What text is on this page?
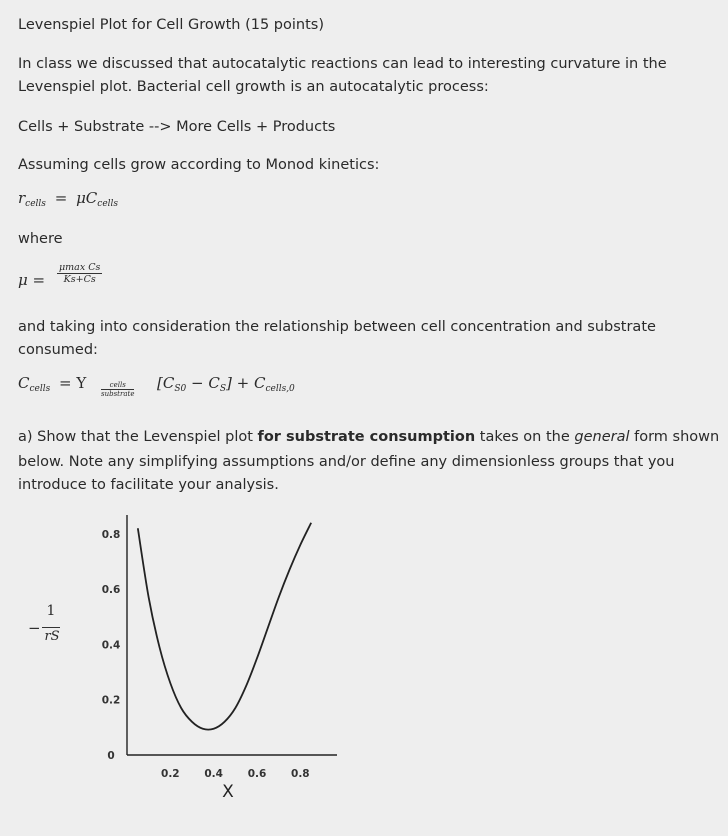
Levenspiel Plot for Cell Growth (15 points)
In class we discussed that autocatalytic reactions can lead to interesting curvature in the
Levenspiel plot. Bacterial cell growth is an autocatalytic process:
Cells + Substrate --> More Cells + Products
Assuming cells grow according to Monod kinetics:
$r_{cells} = \mu C_{cells}$
where
μ =
μmax Cs
Ks+Cs
and taking into consideration the relationship between cell concentration and substrate
consumed:
$C_{cells} = Y$	cells
substrate
$[C_{S0} - C_S] + C_{cells,0}$
a) Show that the Levenspiel plot for substrate consumption takes on the general form shown
below. Note any simplifying assumptions and/or define any dimensionless groups that you
introduce to facilitate your analysis.
−
1
rS
0
0.2
0.4
0.6
0.8
0.2 0.4 0.6 0.8
X
